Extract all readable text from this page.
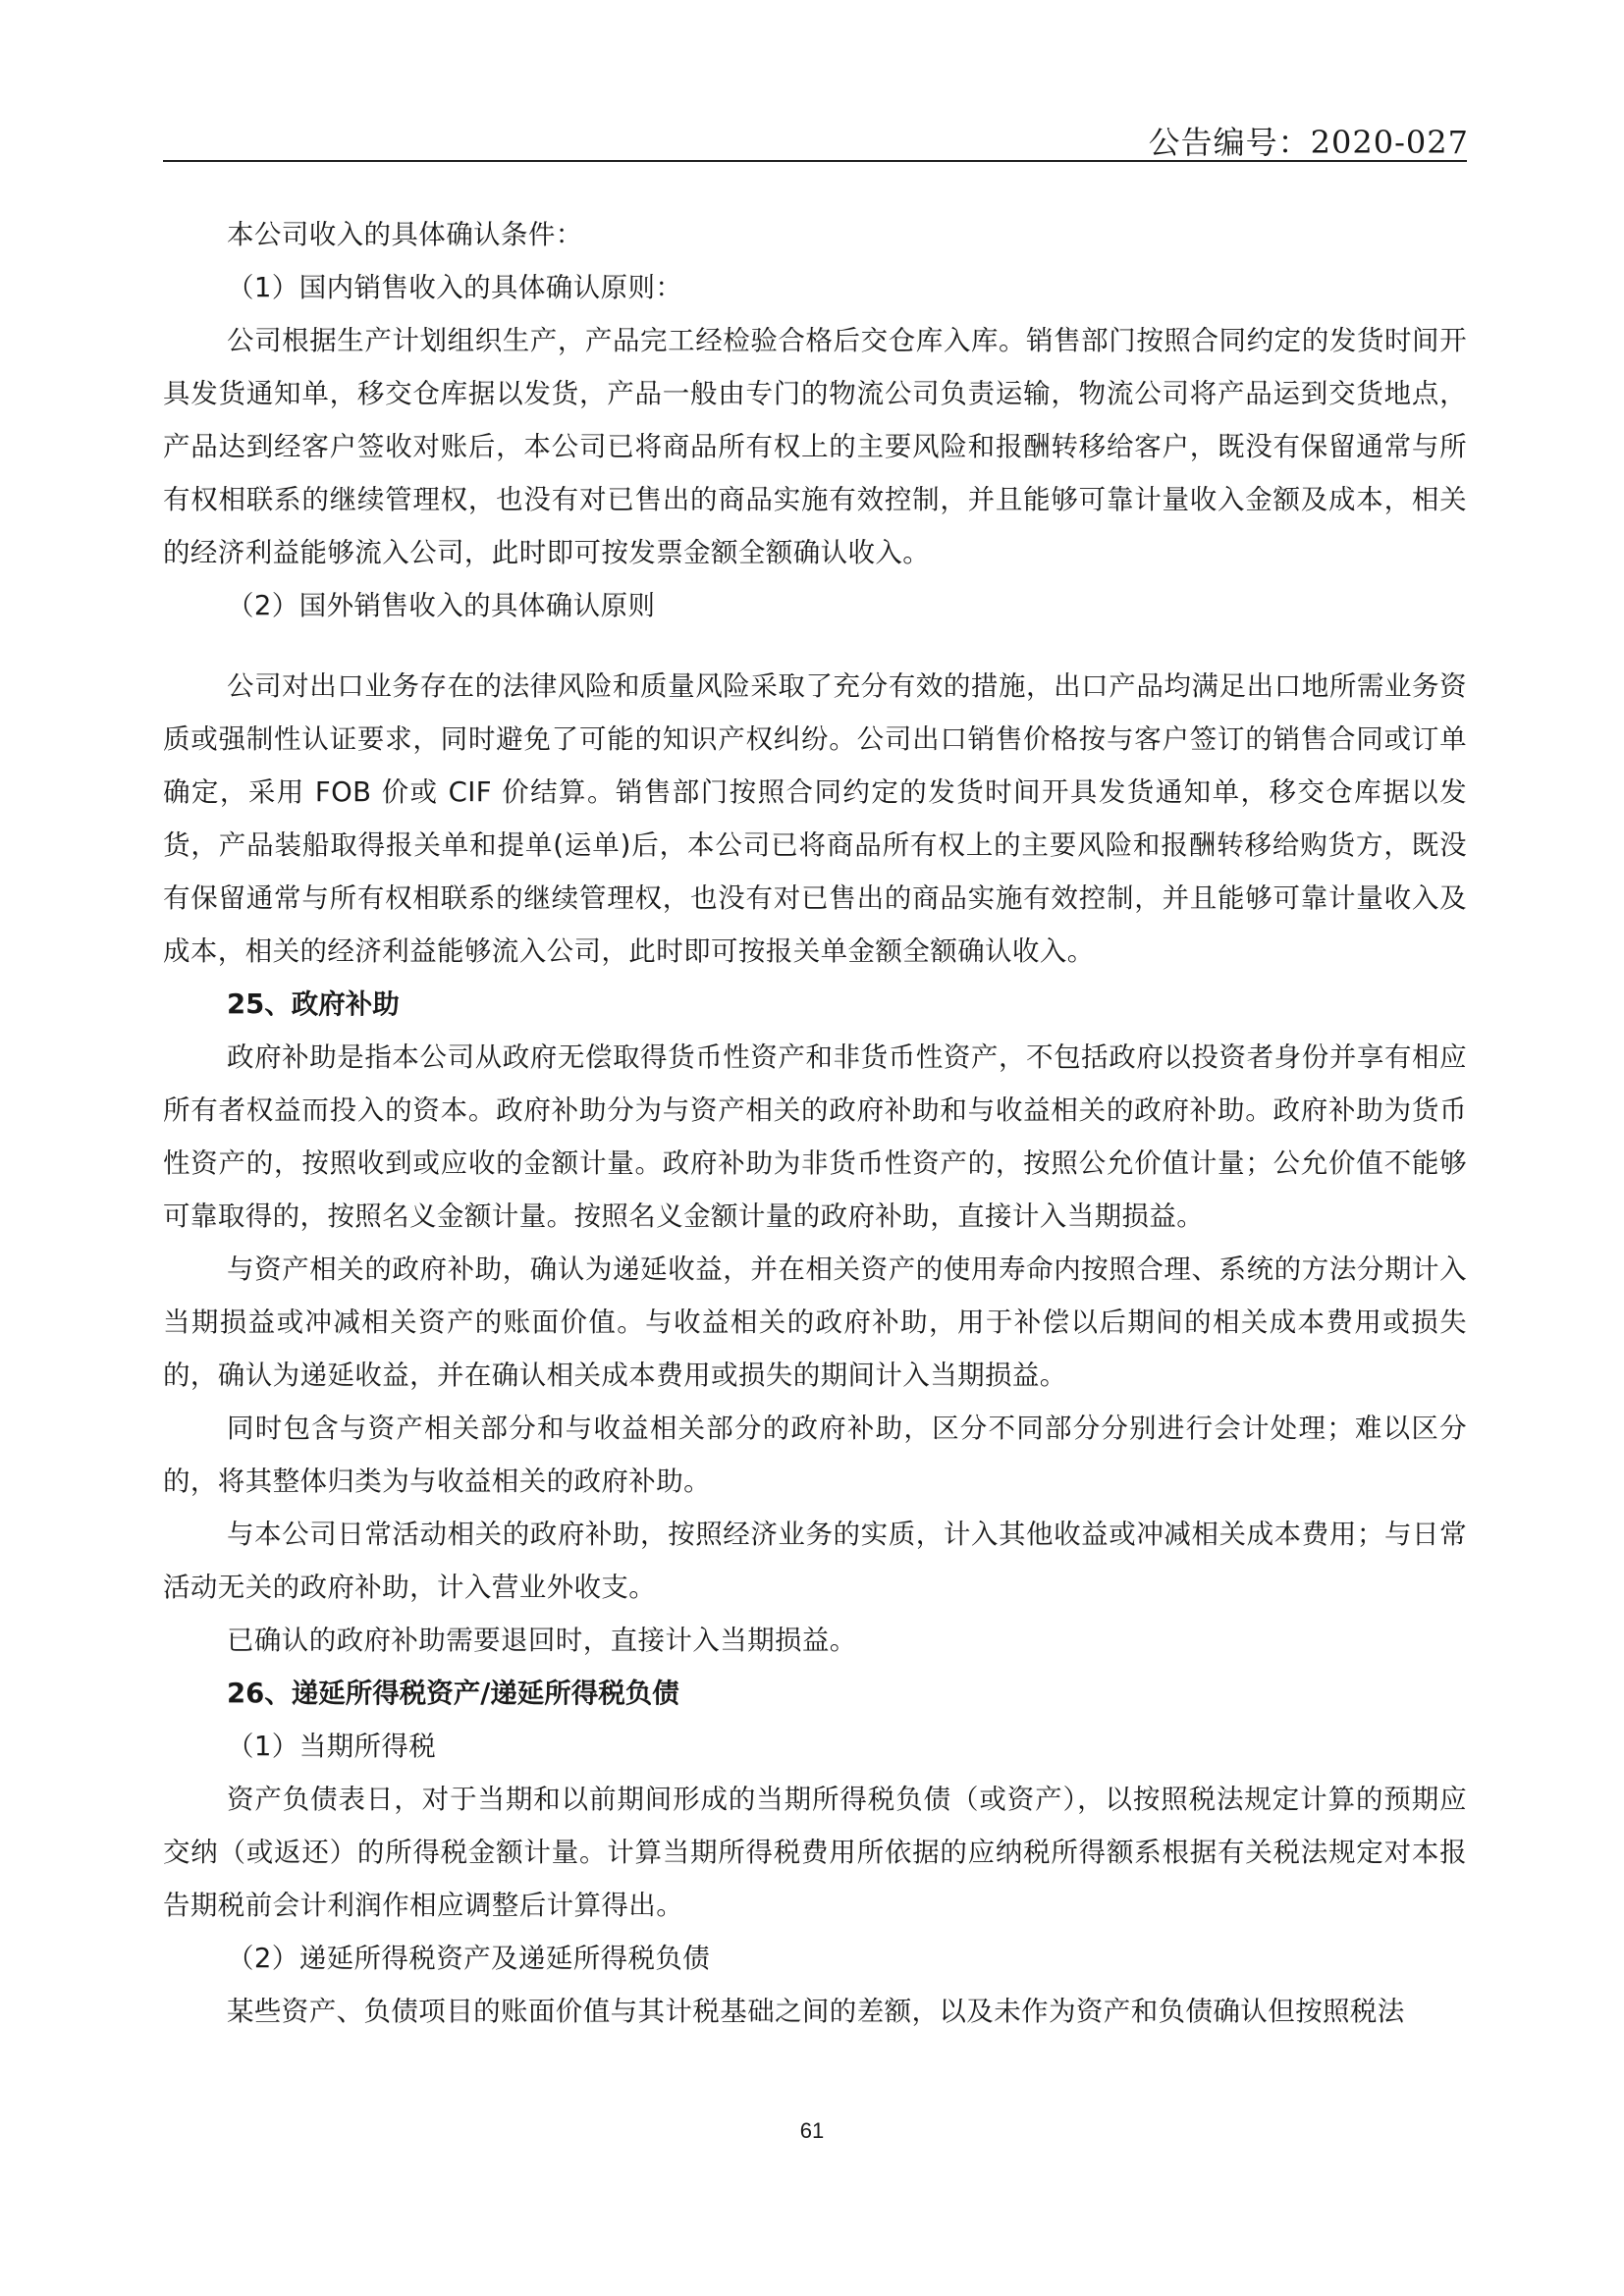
公告编号：2020-027

本公司收入的具体确认条件：

（1）国内销售收入的具体确认原则：

公司根据生产计划组织生产，产品完工经检验合格后交仓库入库。销售部门按照合同约定的发货时间开具发货通知单，移交仓库据以发货，产品一般由专门的物流公司负责运输，物流公司将产品运到交货地点，产品达到经客户签收对账后，本公司已将商品所有权上的主要风险和报酬转移给客户，既没有保留通常与所有权相联系的继续管理权，也没有对已售出的商品实施有效控制，并且能够可靠计量收入金额及成本，相关的经济利益能够流入公司，此时即可按发票金额全额确认收入。

（2）国外销售收入的具体确认原则

公司对出口业务存在的法律风险和质量风险采取了充分有效的措施，出口产品均满足出口地所需业务资质或强制性认证要求，同时避免了可能的知识产权纠纷。公司出口销售价格按与客户签订的销售合同或订单确定，采用 FOB 价或 CIF 价结算。销售部门按照合同约定的发货时间开具发货通知单，移交仓库据以发货，产品装船取得报关单和提单(运单)后，本公司已将商品所有权上的主要风险和报酬转移给购货方，既没有保留通常与所有权相联系的继续管理权，也没有对已售出的商品实施有效控制，并且能够可靠计量收入及成本，相关的经济利益能够流入公司，此时即可按报关单金额全额确认收入。

25、政府补助

政府补助是指本公司从政府无偿取得货币性资产和非货币性资产，不包括政府以投资者身份并享有相应所有者权益而投入的资本。政府补助分为与资产相关的政府补助和与收益相关的政府补助。政府补助为货币性资产的，按照收到或应收的金额计量。政府补助为非货币性资产的，按照公允价值计量；公允价值不能够可靠取得的，按照名义金额计量。按照名义金额计量的政府补助，直接计入当期损益。

与资产相关的政府补助，确认为递延收益，并在相关资产的使用寿命内按照合理、系统的方法分期计入当期损益或冲减相关资产的账面价值。与收益相关的政府补助，用于补偿以后期间的相关成本费用或损失的，确认为递延收益，并在确认相关成本费用或损失的期间计入当期损益。

同时包含与资产相关部分和与收益相关部分的政府补助，区分不同部分分别进行会计处理；难以区分的，将其整体归类为与收益相关的政府补助。

与本公司日常活动相关的政府补助，按照经济业务的实质，计入其他收益或冲减相关成本费用；与日常活动无关的政府补助，计入营业外收支。

已确认的政府补助需要退回时，直接计入当期损益。

26、递延所得税资产/递延所得税负债

（1）当期所得税

资产负债表日，对于当期和以前期间形成的当期所得税负债（或资产），以按照税法规定计算的预期应交纳（或返还）的所得税金额计量。计算当期所得税费用所依据的应纳税所得额系根据有关税法规定对本报告期税前会计利润作相应调整后计算得出。

（2）递延所得税资产及递延所得税负债

某些资产、负债项目的账面价值与其计税基础之间的差额，以及未作为资产和负债确认但按照税法

61
